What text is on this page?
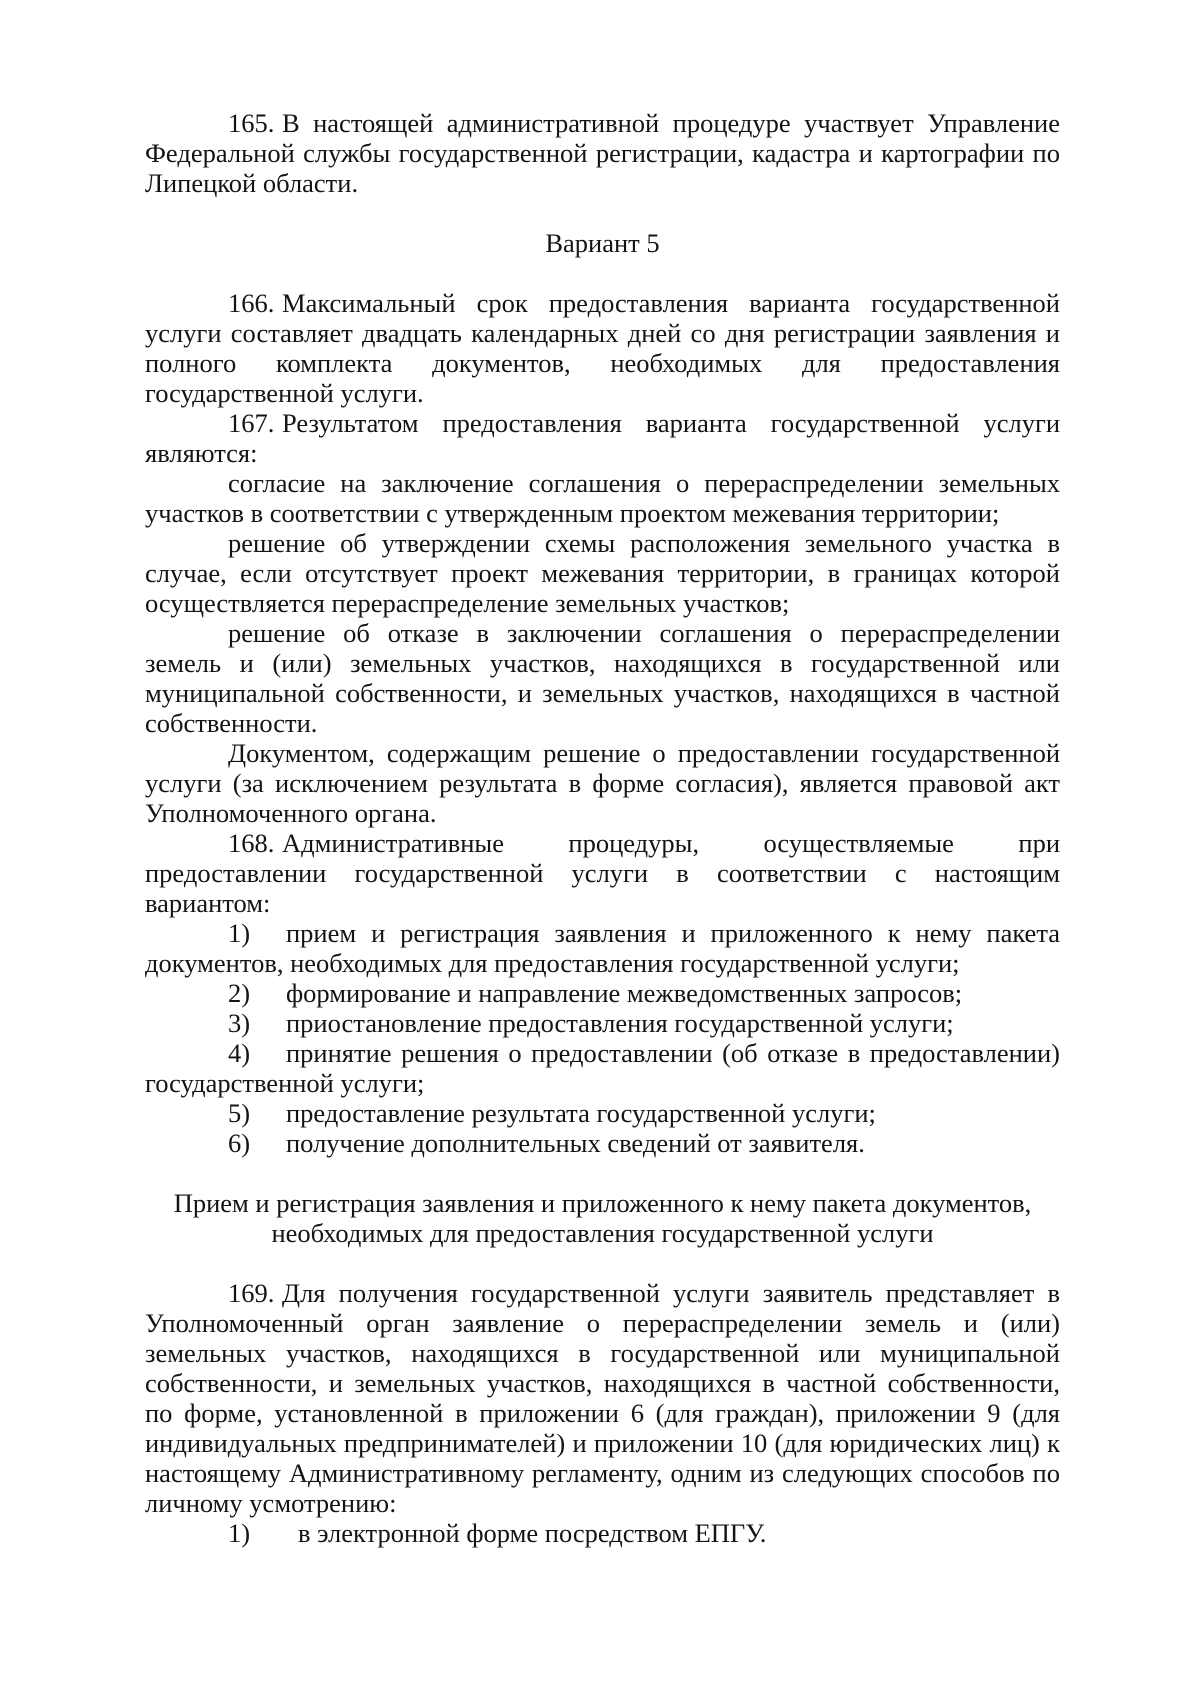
165. В настоящей административной процедуре участвует Управление Федеральной службы государственной регистрации, кадастра и картографии по Липецкой области.

Вариант 5

166. Максимальный срок предоставления варианта государственной услуги составляет двадцать календарных дней со дня регистрации заявления и полного комплекта документов, необходимых для предоставления государственной услуги.

167. Результатом предоставления варианта государственной услуги являются:

согласие на заключение соглашения о перераспределении земельных участков в соответствии с утвержденным проектом межевания территории;

решение об утверждении схемы расположения земельного участка в случае, если отсутствует проект межевания территории, в границах которой осуществляется перераспределение земельных участков;

решение об отказе в заключении соглашения о перераспределении земель и (или) земельных участков, находящихся в государственной или муниципальной собственности, и земельных участков, находящихся в частной собственности.

Документом, содержащим решение о предоставлении государственной услуги (за исключением результата в форме согласия), является правовой акт Уполномоченного органа.

168. Административные процедуры, осуществляемые при предоставлении государственной услуги в соответствии с настоящим вариантом:

1) прием и регистрация заявления и приложенного к нему пакета документов, необходимых для предоставления государственной услуги;

2) формирование и направление межведомственных запросов;

3) приостановление предоставления государственной услуги;

4) принятие решения о предоставлении (об отказе в предоставлении) государственной услуги;

5) предоставление результата государственной услуги;

6) получение дополнительных сведений от заявителя.

Прием и регистрация заявления и приложенного к нему пакета документов,
необходимых для предоставления государственной услуги

169. Для получения государственной услуги заявитель представляет в Уполномоченный орган заявление о перераспределении земель и (или) земельных участков, находящихся в государственной или муниципальной собственности, и земельных участков, находящихся в частной собственности, по форме, установленной в приложении 6 (для граждан), приложении 9 (для индивидуальных предпринимателей) и приложении 10 (для юридических лиц) к настоящему Административному регламенту, одним из следующих способов по личному усмотрению:

1) в электронной форме посредством ЕПГУ.
